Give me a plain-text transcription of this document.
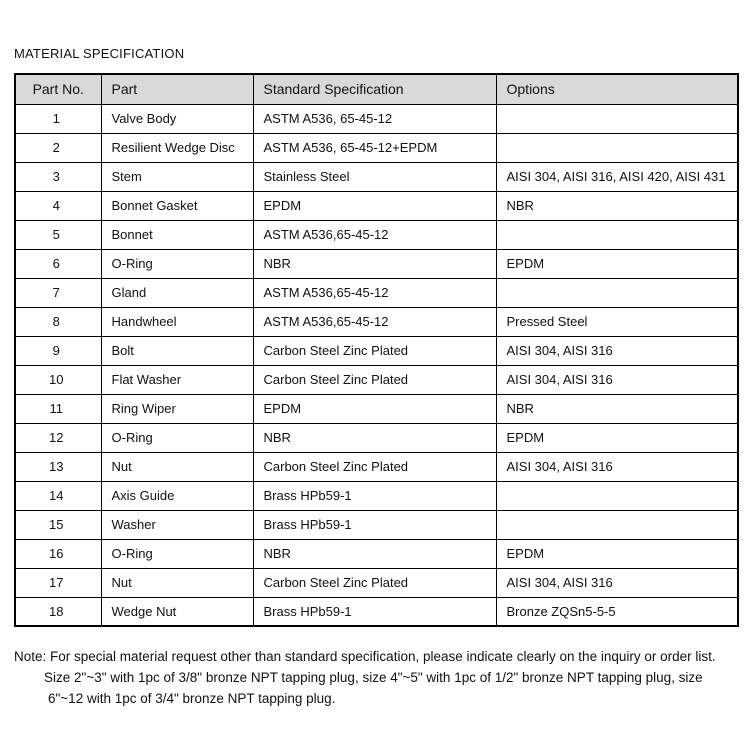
MATERIAL SPECIFICATION
Part No.	Part	Standard Specification	Options
1	Valve Body	ASTM A536, 65-45-12	
2	Resilient Wedge Disc	ASTM A536, 65-45-12+EPDM	
3	Stem	Stainless Steel	AISI 304, AISI 316, AISI 420, AISI 431
4	Bonnet Gasket	EPDM	NBR
5	Bonnet	ASTM A536,65-45-12	
6	O-Ring	NBR	EPDM
7	Gland	ASTM A536,65-45-12	
8	Handwheel	ASTM A536,65-45-12	Pressed Steel
9	Bolt	Carbon Steel Zinc Plated	AISI 304, AISI 316
10	Flat Washer	Carbon Steel Zinc Plated	AISI 304, AISI 316
11	Ring Wiper	EPDM	NBR
12	O-Ring	NBR	EPDM
13	Nut	Carbon Steel Zinc Plated	AISI 304, AISI 316
14	Axis Guide	Brass HPb59-1	
15	Washer	Brass HPb59-1	
16	O-Ring	NBR	EPDM
17	Nut	Carbon Steel Zinc Plated	AISI 304, AISI 316
18	Wedge Nut	Brass HPb59-1	Bronze ZQSn5-5-5
Note: For special material request other than standard specification, please indicate clearly on the inquiry or order list.
Size 2"~3" with 1pc of 3/8" bronze NPT tapping plug, size 4"~5" with 1pc of 1/2" bronze NPT tapping plug, size
6"~12 with 1pc of 3/4" bronze NPT tapping plug.
